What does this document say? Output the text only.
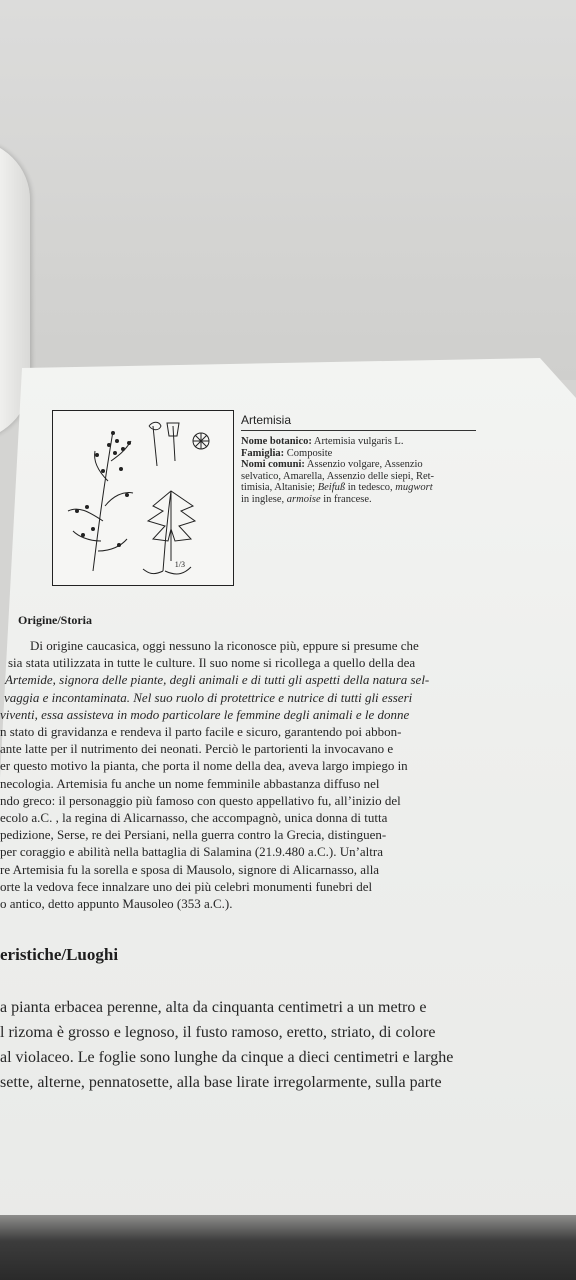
1/3
Artemisia
Nome botanico: Artemisia vulgaris L.
Famiglia: Composite
Nomi comuni: Assenzio volgare, Assenzio
selvatico, Amarella, Assenzio delle siepi, Ret-
timisia, Altanisie; Beifuß in tedesco, mugwort
in inglese, armoise in francese.
Origine/Storia
Di origine caucasica, oggi nessuno la riconosce più, eppure si presume che
sia stata utilizzata in tutte le culture. Il suo nome si ricollega a quello della dea
Artemide, signora delle piante, degli animali e di tutti gli aspetti della natura sel-
vaggia e incontaminata. Nel suo ruolo di protettrice e nutrice di tutti gli esseri
viventi, essa assisteva in modo particolare le femmine degli animali e le donne
n stato di gravidanza e rendeva il parto facile e sicuro, garantendo poi abbon-
ante latte per il nutrimento dei neonati. Perciò le partorienti la invocavano e
er questo motivo la pianta, che porta il nome della dea, aveva largo impiego in
necologia. Artemisia fu anche un nome femminile abbastanza diffuso nel
ndo greco: il personaggio più famoso con questo appellativo fu, all’inizio del
ecolo a.C. , la regina di Alicarnasso, che accompagnò, unica donna di tutta
pedizione, Serse, re dei Persiani, nella guerra contro la Grecia, distinguen-
per coraggio e abilità nella battaglia di Salamina (21.9.480 a.C.). Un’altra
re Artemisia fu la sorella e sposa di Mausolo, signore di Alicarnasso, alla
orte la vedova fece innalzare uno dei più celebri monumenti funebri del
o antico, detto appunto Mausoleo (353 a.C.).
eristiche/Luoghi
a pianta erbacea perenne, alta da cinquanta centimetri a un metro e
l rizoma è grosso e legnoso, il fusto ramoso, eretto, striato, di colore
al violaceo. Le foglie sono lunghe da cinque a dieci centimetri e larghe
sette, alterne, pennatosette, alla base lirate irregolarmente, sulla parte
